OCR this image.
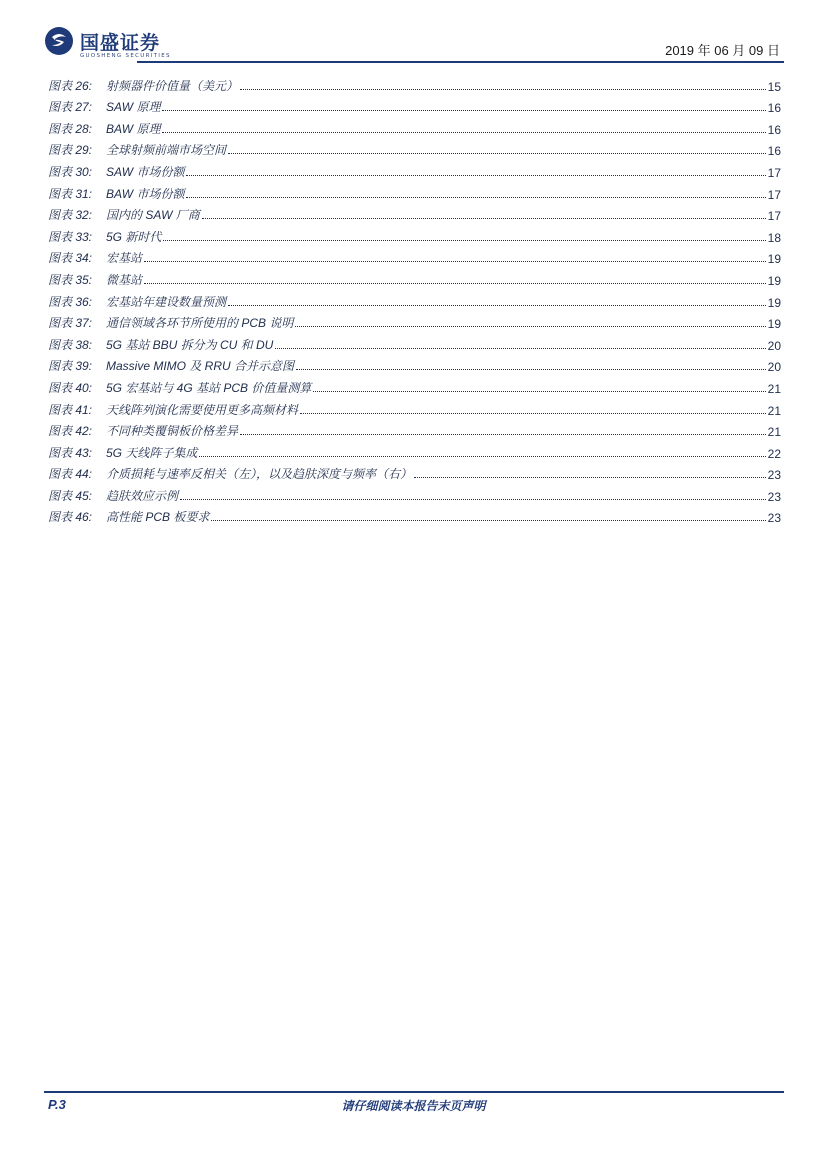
国盛证券
GUOSHENG SECURITIES	2019 年 06 月 09 日
图表 26: 射频器件价值量（美元）	15
图表 27: SAW 原理	16
图表 28: BAW 原理	16
图表 29: 全球射频前端市场空间	16
图表 30: SAW 市场份额	17
图表 31: BAW 市场份额	17
图表 32: 国内的 SAW 厂商	17
图表 33: 5G 新时代	18
图表 34: 宏基站	19
图表 35: 微基站	19
图表 36: 宏基站年建设数量预测	19
图表 37: 通信领域各环节所使用的 PCB 说明	19
图表 38: 5G 基站 BBU 拆分为 CU 和 DU	20
图表 39: Massive MIMO 及 RRU 合并示意图	20
图表 40: 5G 宏基站与 4G 基站 PCB 价值量测算	21
图表 41: 天线阵列演化需要使用更多高频材料	21
图表 42: 不同种类覆铜板价格差异	21
图表 43: 5G 天线阵子集成	22
图表 44: 介质损耗与速率反相关（左），以及趋肤深度与频率（右）	23
图表 45: 趋肤效应示例	23
图表 46: 高性能 PCB 板要求	23
P.3	请仔细阅读本报告末页声明
